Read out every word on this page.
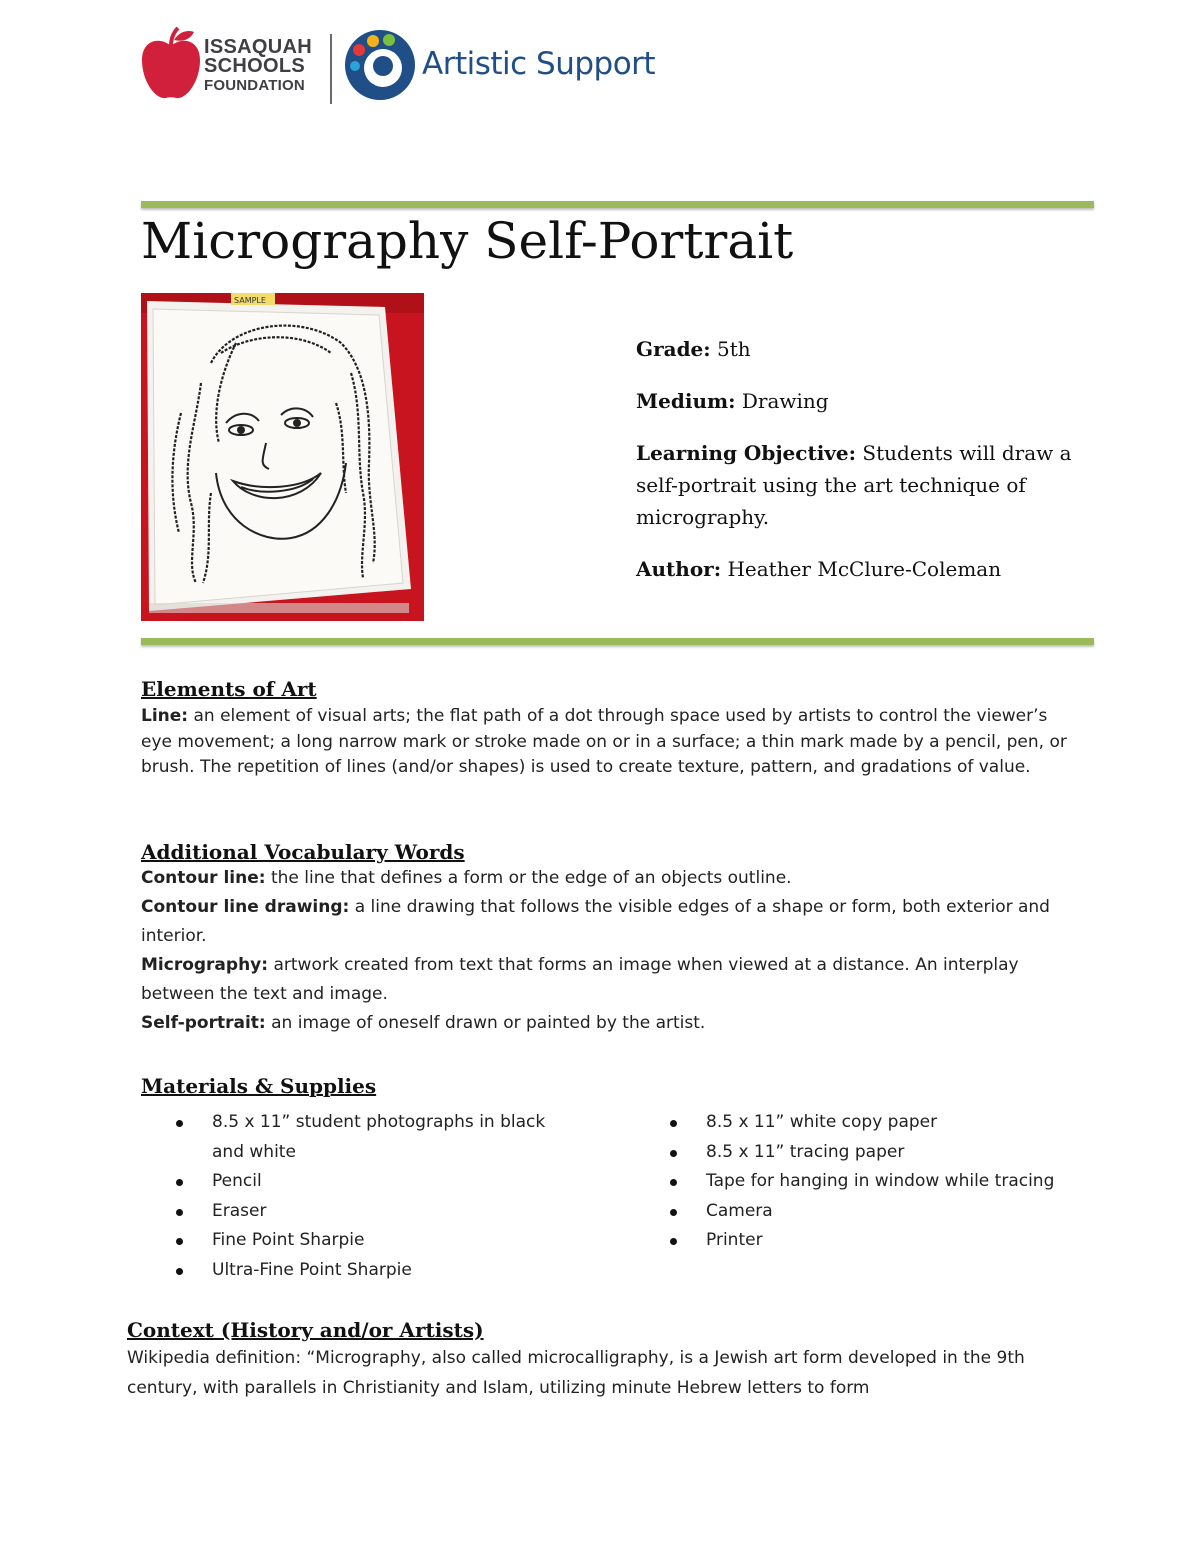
ISSAQUAH
SCHOOLS
FOUNDATION
Artistic Support
Micrography Self-Portrait
SAMPLE

Grade: 5th

Medium: Drawing

Learning Objective: Students will draw a self-portrait using the art technique of micrography.

Author: Heather McClure-Coleman

Elements of Art
Line: an element of visual arts; the flat path of a dot through space used by artists to control the viewer’s eye movement; a long narrow mark or stroke made on or in a surface; a thin mark made by a pencil, pen, or brush. The repetition of lines (and/or shapes) is used to create texture, pattern, and gradations of value.
Additional Vocabulary Words

Contour line: the line that defines a form or the edge of an objects outline.

Contour line drawing: a line drawing that follows the visible edges of a shape or form, both exterior and interior.

Micrography: artwork created from text that forms an image when viewed at a distance. An interplay between the text and image.

Self-portrait: an image of oneself drawn or painted by the artist.

Materials & Supplies
8.5 x 11” student photographs in black and white
Pencil
Eraser
Fine Point Sharpie
Ultra-Fine Point Sharpie
8.5 x 11” white copy paper
8.5 x 11” tracing paper
Tape for hanging in window while tracing
Camera
Printer
Context (History and/or Artists)
Wikipedia definition: “Micrography, also called microcalligraphy, is a Jewish art form developed in the 9th century, with parallels in Christianity and Islam, utilizing minute Hebrew letters to form
